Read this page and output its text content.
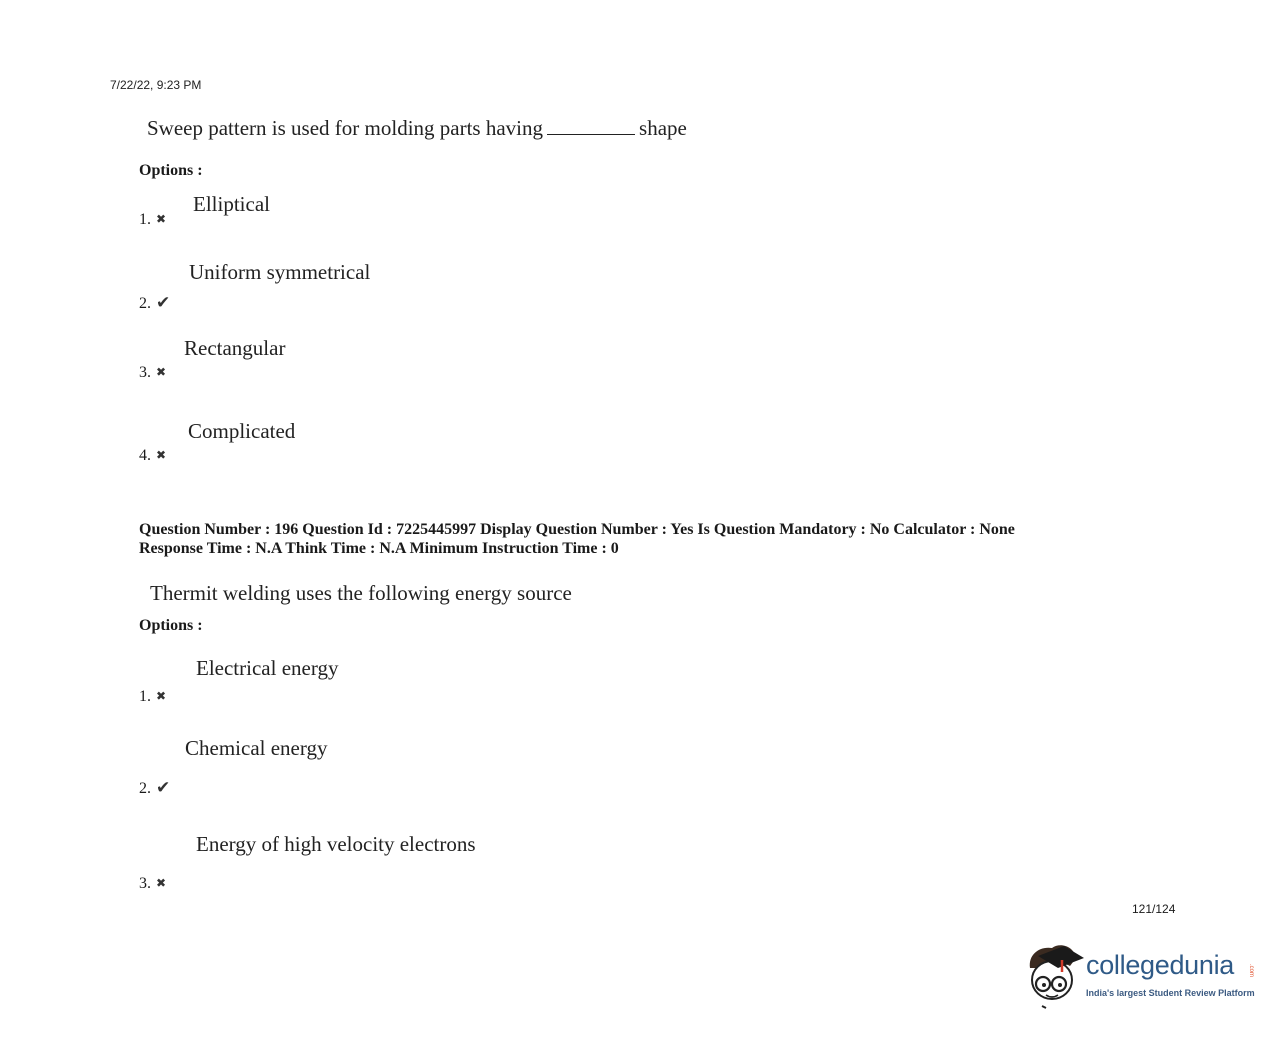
7/22/22, 9:23 PM
Sweep pattern is used for molding parts having	shape
Options :
Elliptical
1. ✖
Uniform symmetrical
2. ✔
Rectangular
3. ✖
Complicated
4. ✖
Question Number : 196 Question Id : 7225445997 Display Question Number : Yes Is Question Mandatory : No Calculator : None
Response Time : N.A Think Time : N.A Minimum Instruction Time : 0
Thermit welding uses the following energy source
Options :
Electrical energy
1. ✖
Chemical energy
2. ✔
Energy of high velocity electrons
3. ✖
121/124
collegedunia .com
India's largest Student Review Platform
